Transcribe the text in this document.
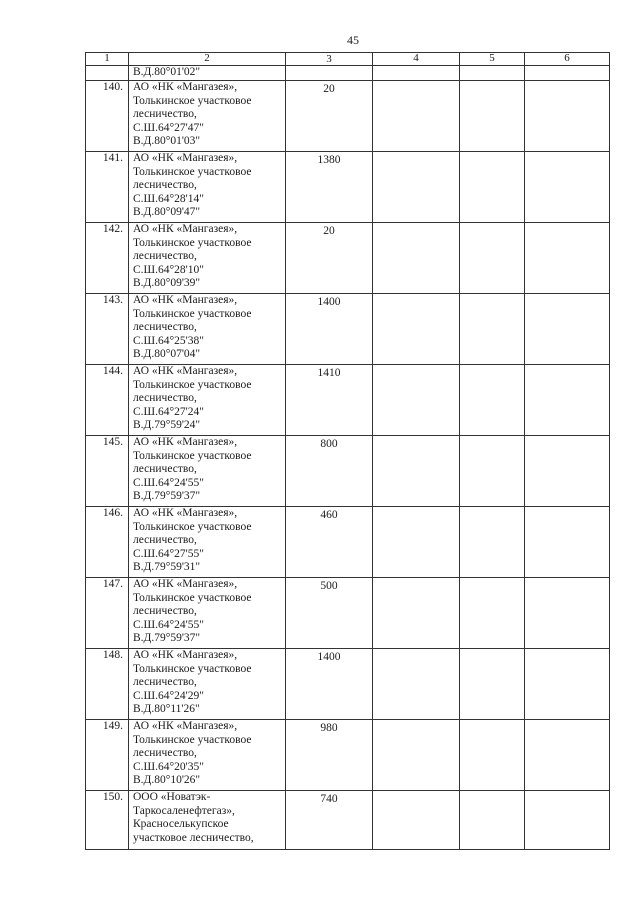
45
1	2	3	4	5	6

	В.Д.80°01'02"				

140.	АО «НК «Мангазея»,
Толькинское участковое
лесничество,
С.Ш.64°27'47"
В.Д.80°01'03"	20			
141.	АО «НК «Мангазея»,
Толькинское участковое
лесничество,
С.Ш.64°28'14"
В.Д.80°09'47"	1380			
142.	АО «НК «Мангазея»,
Толькинское участковое
лесничество,
С.Ш.64°28'10"
В.Д.80°09'39"	20			
143.	АО «НК «Мангазея»,
Толькинское участковое
лесничество,
С.Ш.64°25'38"
В.Д.80°07'04"	1400			
144.	АО «НК «Мангазея»,
Толькинское участковое
лесничество,
С.Ш.64°27'24"
В.Д.79°59'24"	1410			
145.	АО «НК «Мангазея»,
Толькинское участковое
лесничество,
С.Ш.64°24'55"
В.Д.79°59'37"	800			
146.	АО «НК «Мангазея»,
Толькинское участковое
лесничество,
С.Ш.64°27'55"
В.Д.79°59'31"	460			
147.	АО «НК «Мангазея»,
Толькинское участковое
лесничество,
С.Ш.64°24'55"
В.Д.79°59'37"	500			
148.	АО «НК «Мангазея»,
Толькинское участковое
лесничество,
С.Ш.64°24'29"
В.Д.80°11'26"	1400			
149.	АО «НК «Мангазея»,
Толькинское участковое
лесничество,
С.Ш.64°20'35"
В.Д.80°10'26"	980			
150.	ООО «Новатэк-
Таркосаленефтегаз»,
Красноселькупское
участковое лесничество,	740			
